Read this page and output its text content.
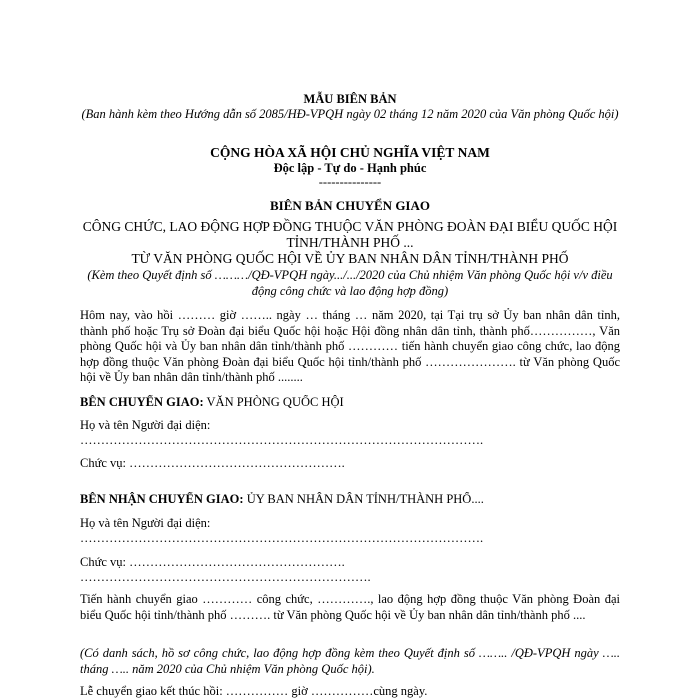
MẪU BIÊN BẢN
(Ban hành kèm theo Hướng dẫn số 2085/HĐ-VPQH ngày 02 tháng 12 năm 2020 của Văn phòng Quốc hội)
CỘNG HÒA XÃ HỘI CHỦ NGHĨA VIỆT NAM
Độc lập - Tự do - Hạnh phúc
---------------
BIÊN BẢN CHUYỂN GIAO
CÔNG CHỨC, LAO ĐỘNG HỢP ĐỒNG THUỘC VĂN PHÒNG ĐOÀN ĐẠI BIỂU QUỐC HỘI TỈNH/THÀNH PHỐ ...
TỪ VĂN PHÒNG QUỐC HỘI VỀ ỦY BAN NHÂN DÂN TỈNH/THÀNH PHỐ
(Kèm theo Quyết định số ………/QĐ-VPQH ngày.../.../2020 của Chủ nhiệm Văn phòng Quốc hội v/v điều động công chức và lao động hợp đồng)

Hôm nay, vào hồi ……… giờ …….. ngày … tháng … năm 2020, tại Tại trụ sở Ủy ban nhân dân tỉnh, thành phố hoặc Trụ sở Đoàn đại biểu Quốc hội hoặc Hội đồng nhân dân tỉnh, thành phố……………, Văn phòng Quốc hội và Ủy ban nhân dân tỉnh/thành phố ………… tiến hành chuyển giao công chức, lao động hợp đồng thuộc Văn phòng Đoàn đại biểu Quốc hội tỉnh/thành phố …………………. từ Văn phòng Quốc hội về Ủy ban nhân dân tỉnh/thành phố ........

BÊN CHUYỂN GIAO: VĂN PHÒNG QUỐC HỘI
Họ và tên Người đại diện:
…………………………………………………………………………………….
Chức vụ: …………………………………………….
BÊN NHẬN CHUYỂN GIAO: ỦY BAN NHÂN DÂN TỈNH/THÀNH PHỐ....
Họ và tên Người đại diện:
…………………………………………………………………………………….
Chức vụ: …………………………………………….
…………………………………………………………….

Tiến hành chuyển giao ………… công chức, …………., lao động hợp đồng thuộc Văn phòng Đoàn đại biểu Quốc hội tỉnh/thành phố ………. từ Văn phòng Quốc hội về Ủy ban nhân dân tỉnh/thành phố ....

(Có danh sách, hồ sơ công chức, lao động hợp đồng kèm theo Quyết định số …….. /QĐ-VPQH ngày ….. tháng ….. năm 2020 của Chủ nhiệm Văn phòng Quốc hội).

Lễ chuyển giao kết thúc hồi: …………… giờ ……………cùng ngày.
